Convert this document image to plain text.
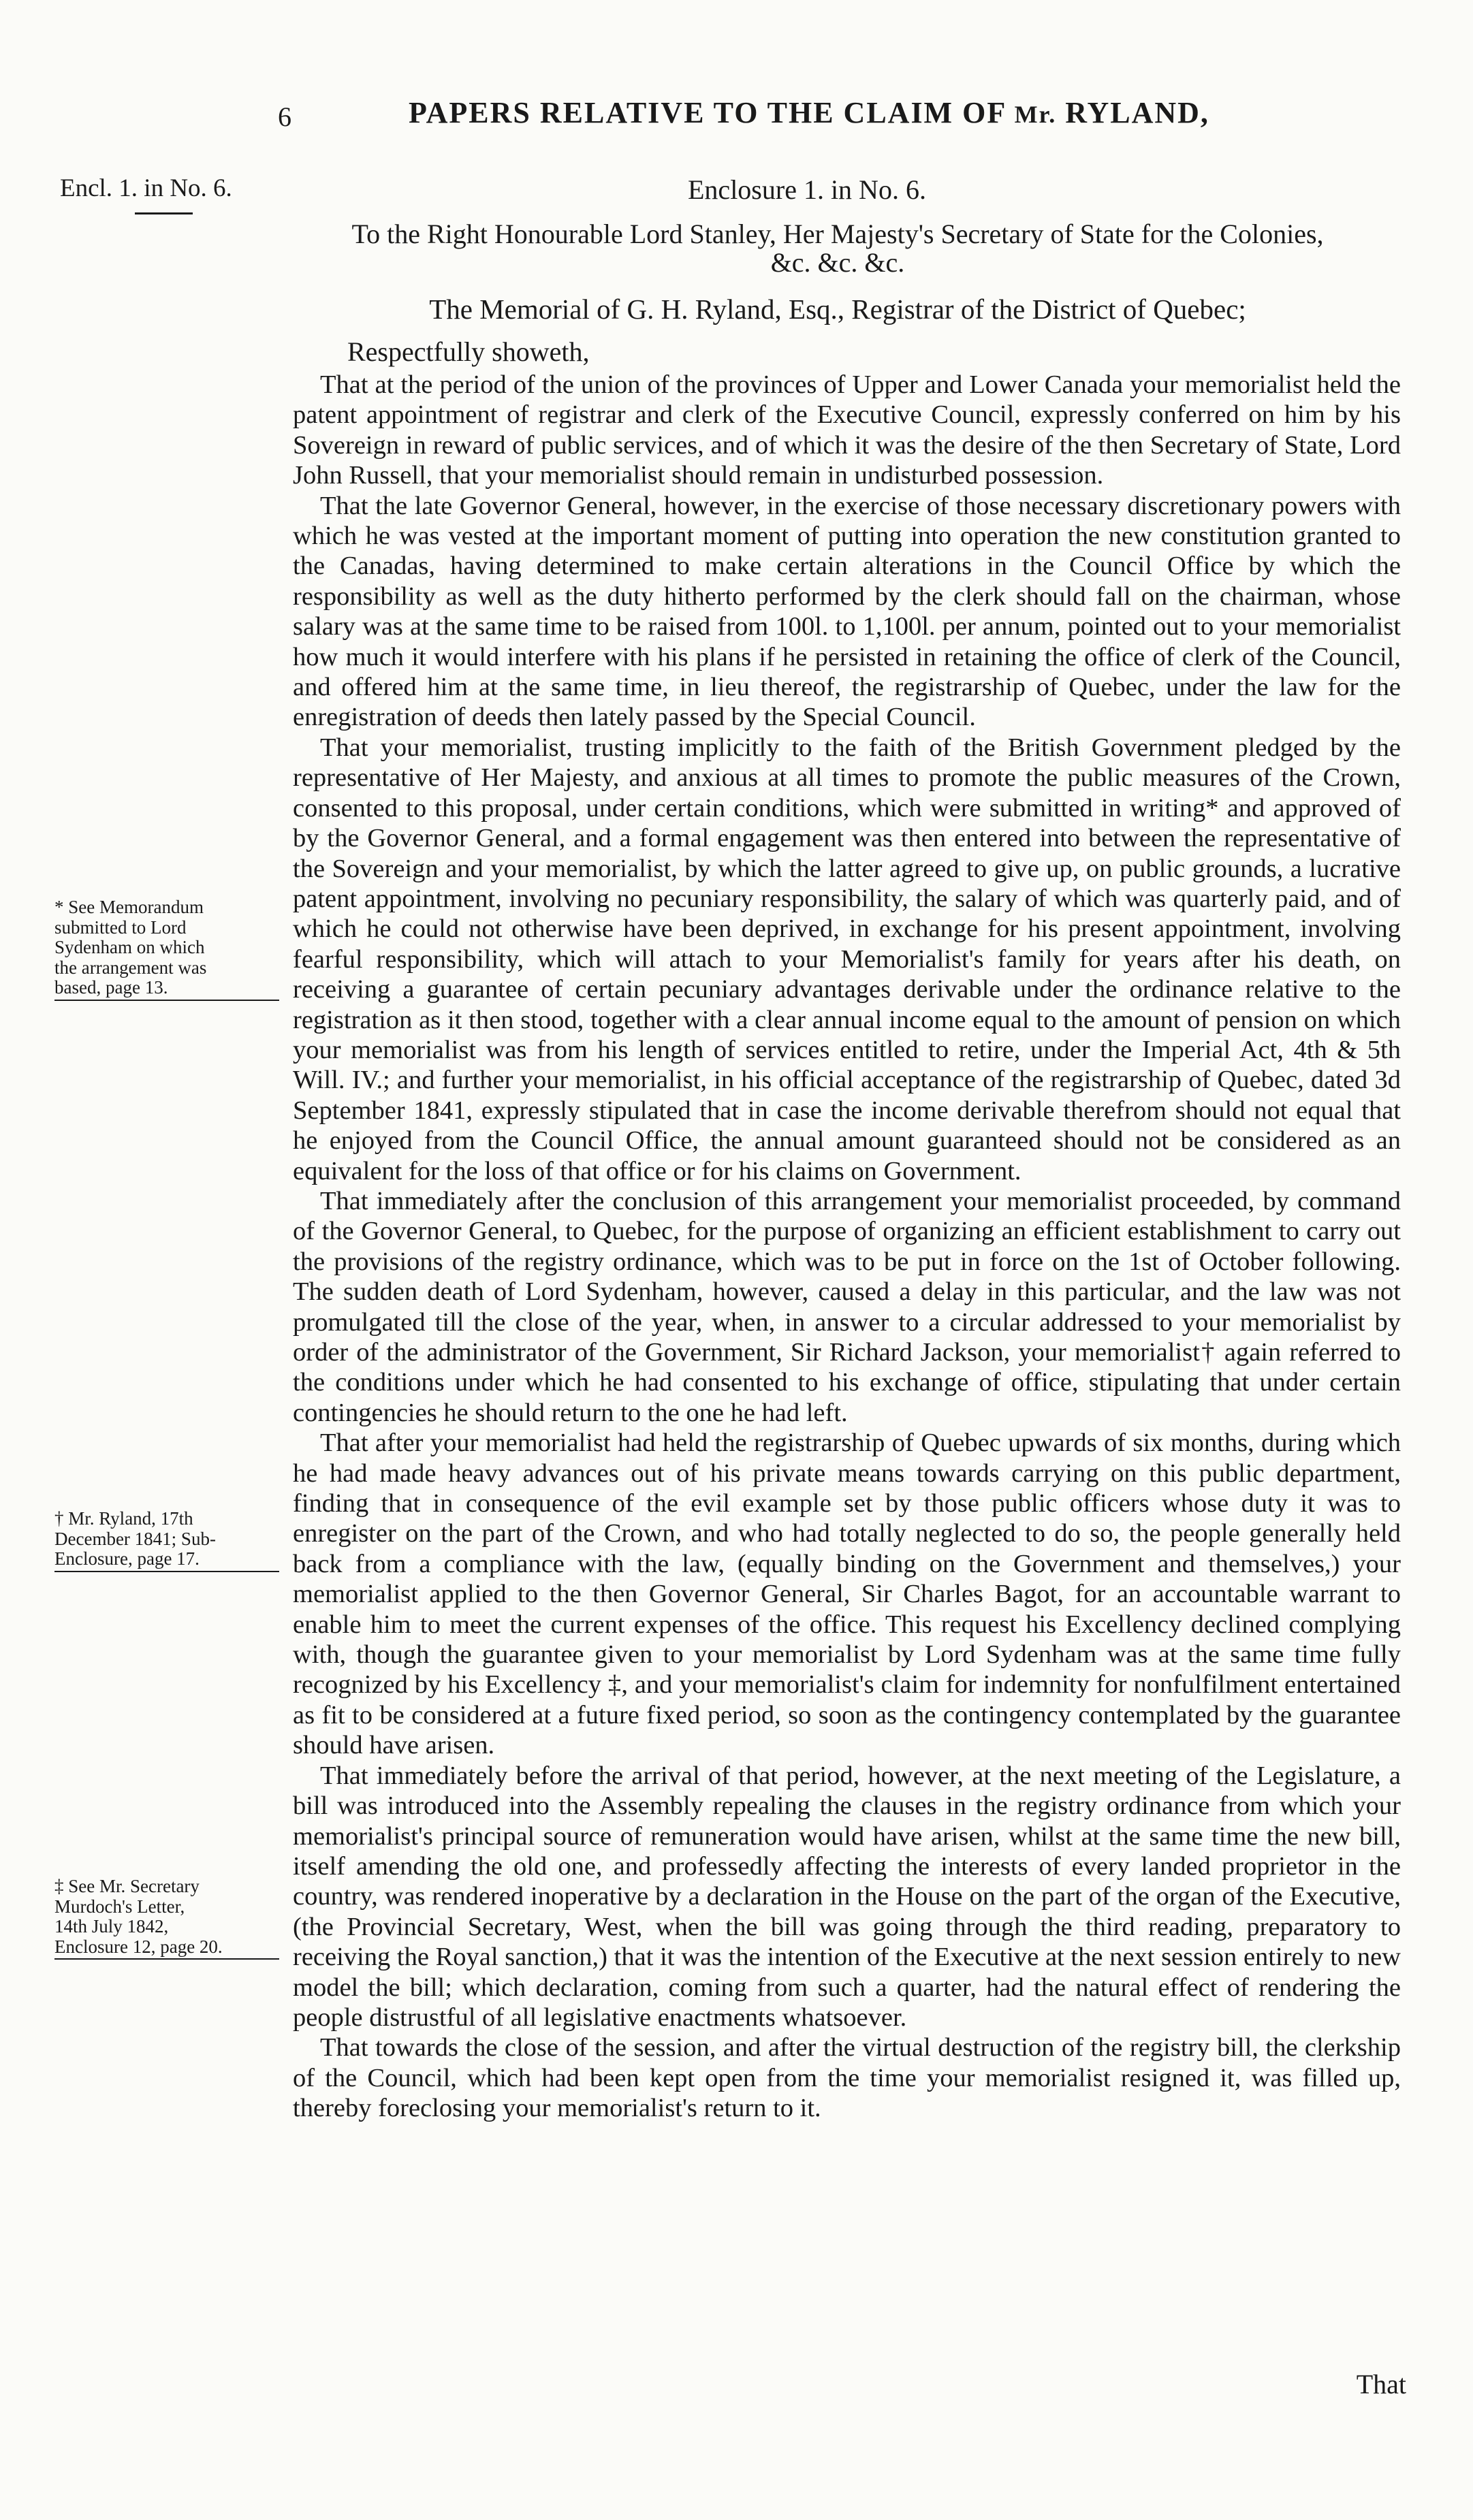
6	PAPERS RELATIVE TO THE CLAIM OF Mr. RYLAND,
Encl. 1. in No. 6.	Enclosure 1. in No. 6.
To the Right Honourable Lord Stanley, Her Majesty's Secretary of State for the Colonies,
&c. &c. &c.
The Memorial of G. H. Ryland, Esq., Registrar of the District of Quebec;
Respectfully showeth,

That at the period of the union of the provinces of Upper and Lower Canada your memorialist held the patent appointment of registrar and clerk of the Executive Council, expressly conferred on him by his Sovereign in reward of public services, and of which it was the desire of the then Secretary of State, Lord John Russell, that your memorialist should remain in undisturbed possession.

That the late Governor General, however, in the exercise of those necessary discretionary powers with which he was vested at the important moment of putting into operation the new constitution granted to the Canadas, having determined to make certain alterations in the Council Office by which the responsibility as well as the duty hitherto performed by the clerk should fall on the chairman, whose salary was at the same time to be raised from 100l. to 1,100l. per annum, pointed out to your memorialist how much it would interfere with his plans if he persisted in retaining the office of clerk of the Council, and offered him at the same time, in lieu thereof, the registrarship of Quebec, under the law for the enregistration of deeds then lately passed by the Special Council.

That your memorialist, trusting implicitly to the faith of the British Government pledged by the representative of Her Majesty, and anxious at all times to promote the public measures of the Crown, consented to this proposal, under certain conditions, which were submitted in writing* and approved of by the Governor General, and a formal engagement was then entered into between the representative of the Sovereign and your memorialist, by which the latter agreed to give up, on public grounds, a lucrative patent appointment, involving no pecuniary responsibility, the salary of which was quarterly paid, and of which he could not otherwise have been deprived, in exchange for his present appointment, involving fearful responsibility, which will attach to your Memorialist's family for years after his death, on receiving a guarantee of certain pecuniary advantages derivable under the ordinance relative to the registration as it then stood, together with a clear annual income equal to the amount of pension on which your memorialist was from his length of services entitled to retire, under the Imperial Act, 4th & 5th Will. IV.; and further your memorialist, in his official acceptance of the registrarship of Quebec, dated 3d September 1841, expressly stipulated that in case the income derivable therefrom should not equal that he enjoyed from the Council Office, the annual amount guaranteed should not be considered as an equivalent for the loss of that office or for his claims on Government.

That immediately after the conclusion of this arrangement your memorialist proceeded, by command of the Governor General, to Quebec, for the purpose of organizing an efficient establishment to carry out the provisions of the registry ordinance, which was to be put in force on the 1st of October following. The sudden death of Lord Sydenham, however, caused a delay in this particular, and the law was not promulgated till the close of the year, when, in answer to a circular addressed to your memorialist by order of the administrator of the Government, Sir Richard Jackson, your memorialist† again referred to the conditions under which he had consented to his exchange of office, stipulating that under certain contingencies he should return to the one he had left.

That after your memorialist had held the registrarship of Quebec upwards of six months, during which he had made heavy advances out of his private means towards carrying on this public department, finding that in consequence of the evil example set by those public officers whose duty it was to enregister on the part of the Crown, and who had totally neglected to do so, the people generally held back from a compliance with the law, (equally binding on the Government and themselves,) your memorialist applied to the then Governor General, Sir Charles Bagot, for an accountable warrant to enable him to meet the current expenses of the office. This request his Excellency declined complying with, though the guarantee given to your memorialist by Lord Sydenham was at the same time fully recognized by his Excellency ‡, and your memorialist's claim for indemnity for nonfulfilment entertained as fit to be considered at a future fixed period, so soon as the contingency contemplated by the guarantee should have arisen.

That immediately before the arrival of that period, however, at the next meeting of the Legislature, a bill was introduced into the Assembly repealing the clauses in the registry ordinance from which your memorialist's principal source of remuneration would have arisen, whilst at the same time the new bill, itself amending the old one, and professedly affecting the interests of every landed proprietor in the country, was rendered inoperative by a declaration in the House on the part of the organ of the Executive, (the Provincial Secretary, West, when the bill was going through the third reading, preparatory to receiving the Royal sanction,) that it was the intention of the Executive at the next session entirely to new model the bill; which declaration, coming from such a quarter, had the natural effect of rendering the people distrustful of all legislative enactments whatsoever.

That towards the close of the session, and after the virtual destruction of the registry bill, the clerkship of the Council, which had been kept open from the time your memorialist resigned it, was filled up, thereby foreclosing your memorialist's return to it.

* See Memorandum
submitted to Lord
Sydenham on which
the arrangement was
based, page 13.
† Mr. Ryland, 17th
December 1841; Sub-
Enclosure, page 17.
‡ See Mr. Secretary
Murdoch's Letter,
14th July 1842,
Enclosure 12, page 20.
That
